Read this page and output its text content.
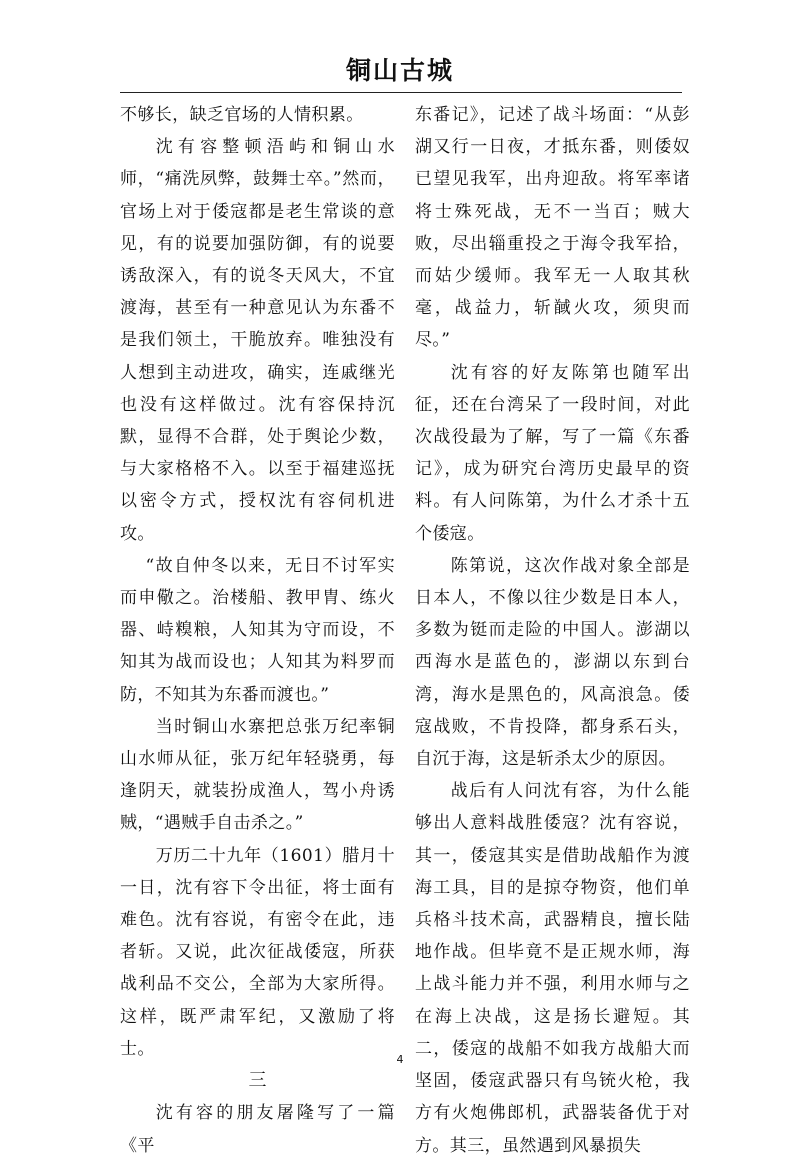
铜山古城

不够长，缺乏官场的人情积累。

沈有容整顿浯屿和铜山水师，“痛洗夙弊，鼓舞士卒。”然而，官场上对于倭寇都是老生常谈的意见，有的说要加强防御，有的说要诱敌深入，有的说冬天风大，不宜渡海，甚至有一种意见认为东番不是我们领土，干脆放弃。唯独没有人想到主动进攻，确实，连戚继光也没有这样做过。沈有容保持沉默，显得不合群，处于舆论少数，与大家格格不入。以至于福建巡抚以密令方式，授权沈有容伺机进攻。

“故自仲冬以来，无日不讨军实而申儆之。治楼船、教甲胄、练火器、峙糗粮，人知其为守而设，不知其为战而设也；人知其为料罗而防，不知其为东番而渡也。”

当时铜山水寨把总张万纪率铜山水师从征，张万纪年轻骁勇，每逢阴天，就装扮成渔人，驾小舟诱贼，“遇贼手自击杀之。”

万历二十九年（1601）腊月十一日，沈有容下令出征，将士面有难色。沈有容说，有密令在此，违者斩。又说，此次征战倭寇，所获战利品不交公，全部为大家所得。这样，既严肃军纪，又激励了将士。

三

沈有容的朋友屠隆写了一篇《平

东番记》，记述了战斗场面：“从彭湖又行一日夜，才抵东番，则倭奴已望见我军，出舟迎敌。将军率诸将士殊死战，无不一当百；贼大败，尽出辎重投之于海令我军拾，而姑少缓师。我军无一人取其秋毫，战益力，斩馘火攻，须臾而尽。”

沈有容的好友陈第也随军出征，还在台湾呆了一段时间，对此次战役最为了解，写了一篇《东番记》，成为研究台湾历史最早的资料。有人问陈第，为什么才杀十五个倭寇。

陈第说，这次作战对象全部是日本人，不像以往少数是日本人，多数为铤而走险的中国人。澎湖以西海水是蓝色的，澎湖以东到台湾，海水是黑色的，风高浪急。倭寇战败，不肯投降，都身系石头，自沉于海，这是斩杀太少的原因。

战后有人问沈有容，为什么能够出人意料战胜倭寇？沈有容说，其一，倭寇其实是借助战船作为渡海工具，目的是掠夺物资，他们单兵格斗技术高，武器精良，擅长陆地作战。但毕竟不是正规水师，海上战斗能力并不强，利用水师与之在海上决战，这是扬长避短。其二，倭寇的战船不如我方战船大而坚固，倭寇武器只有鸟铳火枪，我方有火炮佛郎机，武器装备优于对方。其三，虽然遇到风暴损失

4
